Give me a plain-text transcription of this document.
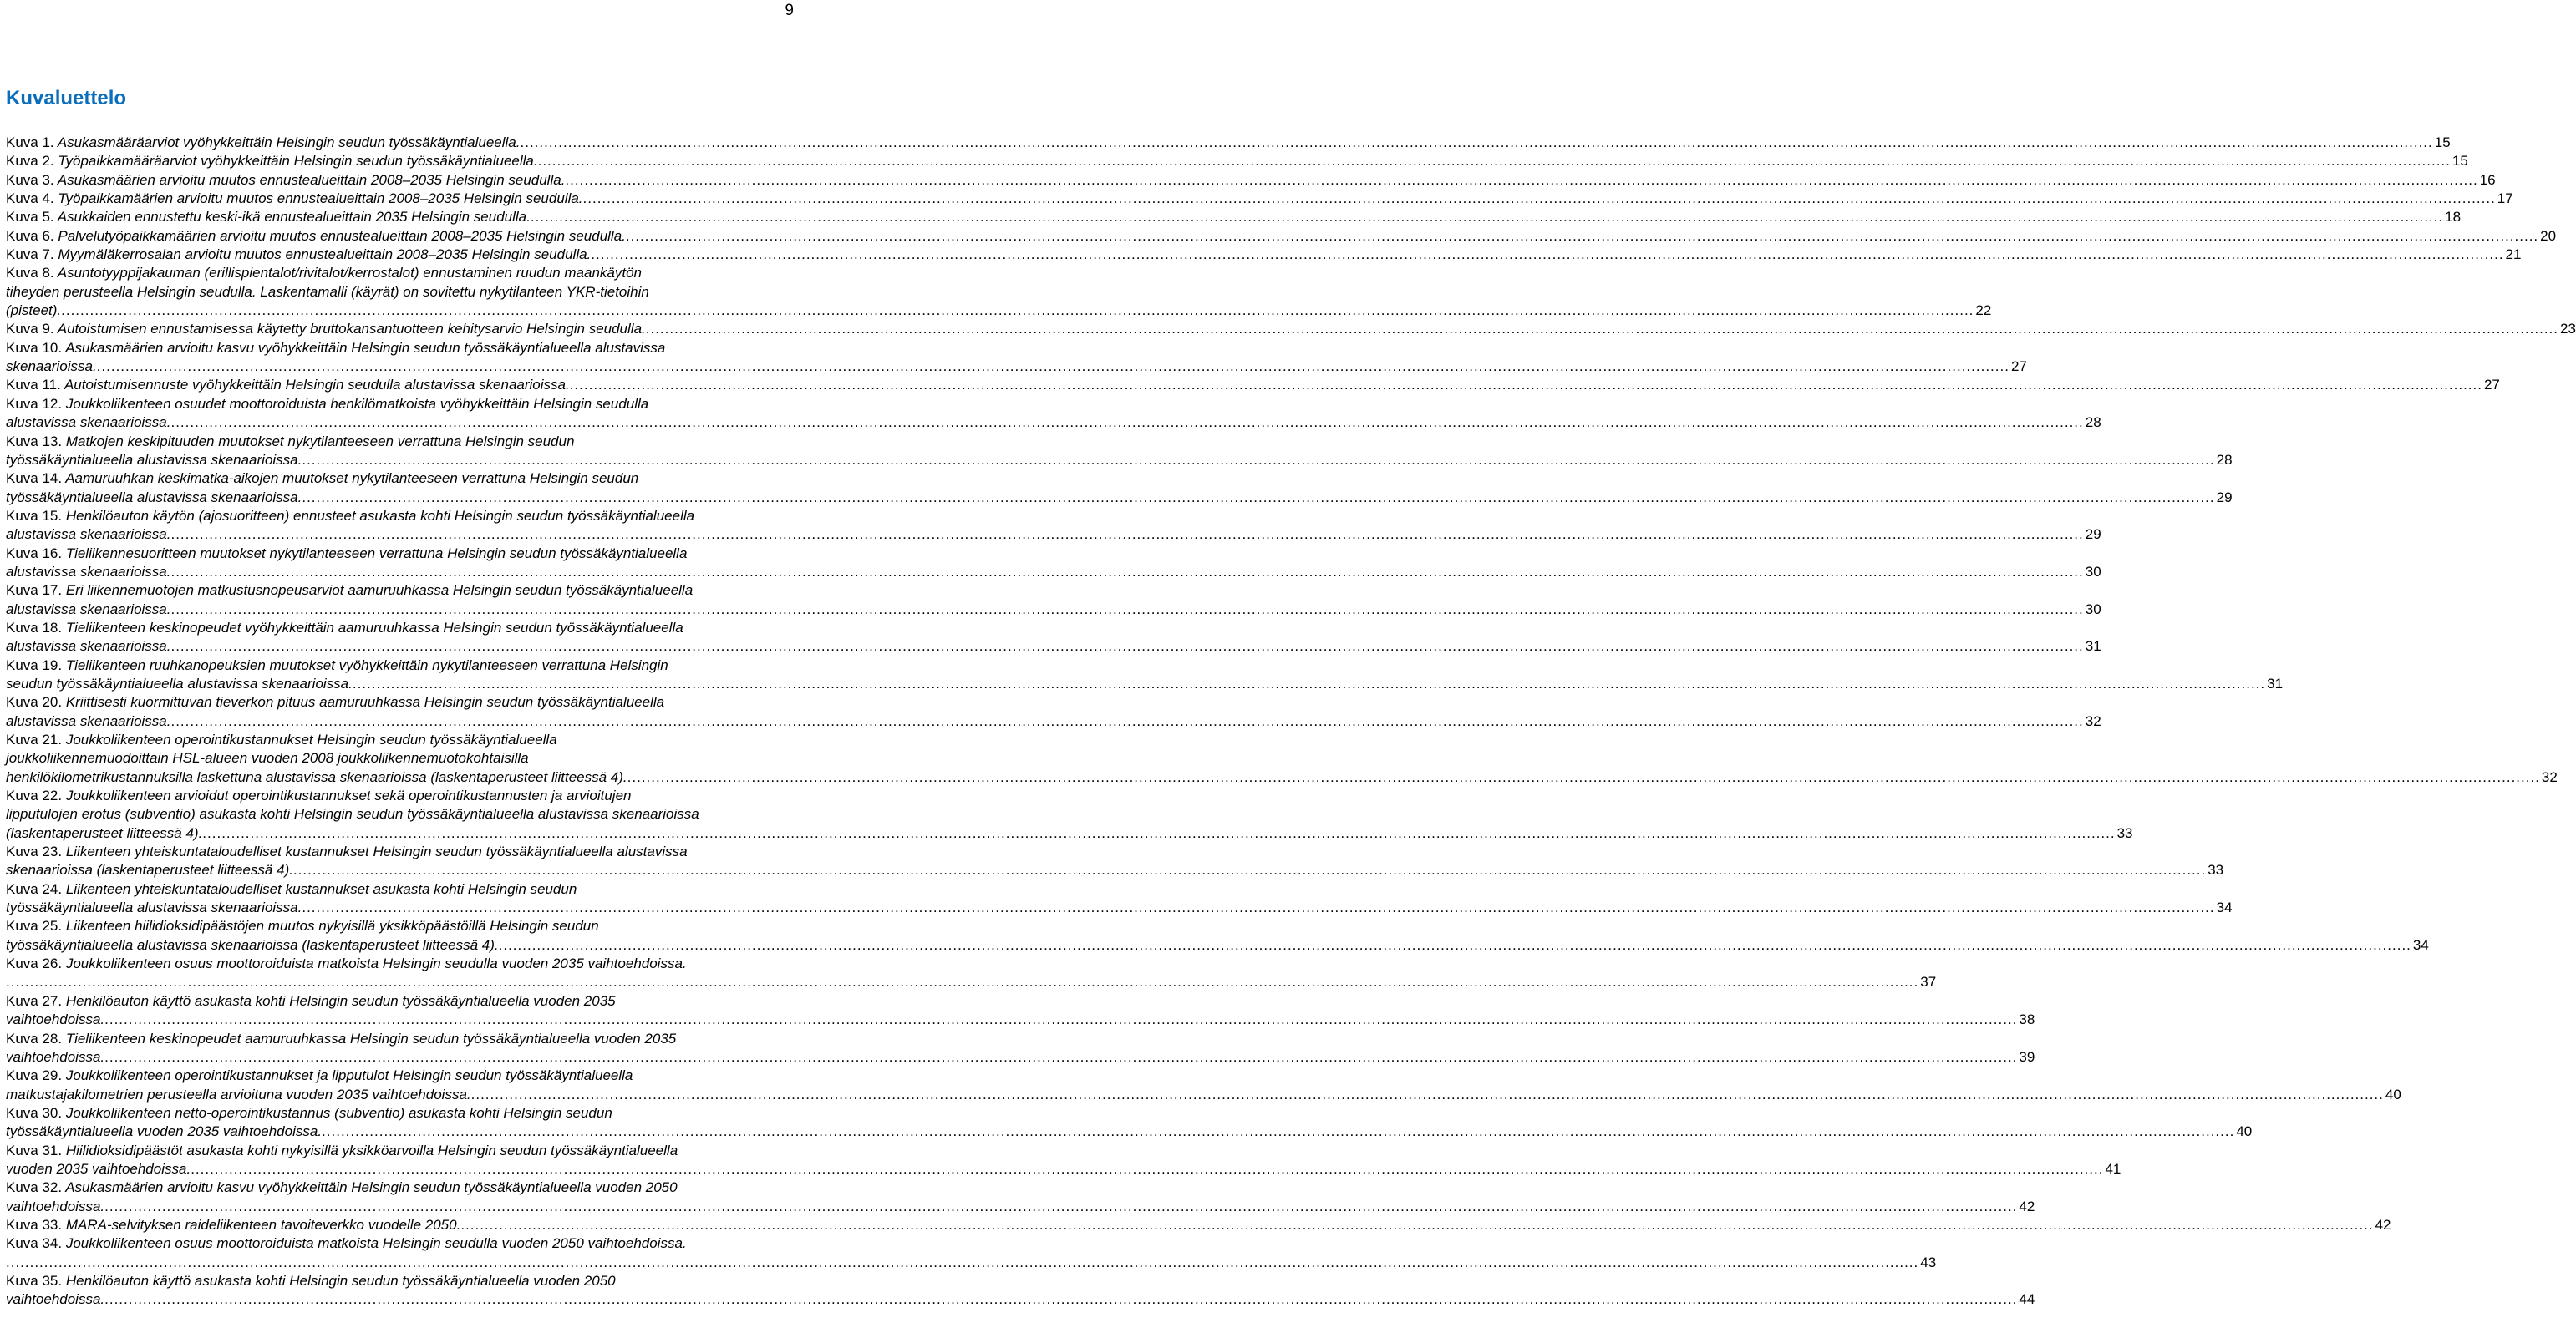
9
Kuvaluettelo
Kuva 1. Asukasmääräarviot vyöhykkeittäin Helsingin seudun työssäkäyntialueella. ................................................................................................................................................................................................................................................................................................................................................................................................................ 15
Kuva 2. Työpaikkamääräarviot vyöhykkeittäin Helsingin seudun työssäkäyntialueella. ................................................................................................................................................................................................................................................................................................................................................................................................................ 15
Kuva 3. Asukasmäärien arvioitu muutos ennustealueittain 2008–2035 Helsingin seudulla. ................................................................................................................................................................................................................................................................................................................................................................................................................ 16
Kuva 4. Työpaikkamäärien arvioitu muutos ennustealueittain 2008–2035 Helsingin seudulla. ................................................................................................................................................................................................................................................................................................................................................................................................................ 17
Kuva 5. Asukkaiden ennustettu keski-ikä ennustealueittain 2035 Helsingin seudulla. ................................................................................................................................................................................................................................................................................................................................................................................................................ 18
Kuva 6. Palvelutyöpaikkamäärien arvioitu muutos ennustealueittain 2008–2035 Helsingin seudulla. ................................................................................................................................................................................................................................................................................................................................................................................................................ 20
Kuva 7. Myymäläkerrosalan arvioitu muutos ennustealueittain 2008–2035 Helsingin seudulla. ................................................................................................................................................................................................................................................................................................................................................................................................................ 21
Kuva 8. Asuntotyyppijakauman (erillispientalot/rivitalot/kerrostalot) ennustaminen ruudun maankäytön
tiheyden perusteella Helsingin seudulla. Laskentamalli (käyrät) on sovitettu nykytilanteen YKR-tietoihin
(pisteet). ................................................................................................................................................................................................................................................................................................................................................................................................................ 22
Kuva 9. Autoistumisen ennustamisessa käytetty bruttokansantuotteen kehitysarvio Helsingin seudulla. ................................................................................................................................................................................................................................................................................................................................................................................................................ 23
Kuva 10. Asukasmäärien arvioitu kasvu vyöhykkeittäin Helsingin seudun työssäkäyntialueella alustavissa
skenaarioissa. ................................................................................................................................................................................................................................................................................................................................................................................................................ 27
Kuva 11. Autoistumisennuste vyöhykkeittäin Helsingin seudulla alustavissa skenaarioissa. ................................................................................................................................................................................................................................................................................................................................................................................................................ 27
Kuva 12. Joukkoliikenteen osuudet moottoroiduista henkilömatkoista vyöhykkeittäin Helsingin seudulla
alustavissa skenaarioissa. ................................................................................................................................................................................................................................................................................................................................................................................................................ 28
Kuva 13. Matkojen keskipituuden muutokset nykytilanteeseen verrattuna Helsingin seudun
työssäkäyntialueella alustavissa skenaarioissa. ................................................................................................................................................................................................................................................................................................................................................................................................................ 28
Kuva 14. Aamuruuhkan keskimatka-aikojen muutokset nykytilanteeseen verrattuna Helsingin seudun
työssäkäyntialueella alustavissa skenaarioissa. ................................................................................................................................................................................................................................................................................................................................................................................................................ 29
Kuva 15. Henkilöauton käytön (ajosuoritteen) ennusteet asukasta kohti Helsingin seudun työssäkäyntialueella
alustavissa skenaarioissa. ................................................................................................................................................................................................................................................................................................................................................................................................................ 29
Kuva 16. Tieliikennesuoritteen muutokset nykytilanteeseen verrattuna Helsingin seudun työssäkäyntialueella
alustavissa skenaarioissa. ................................................................................................................................................................................................................................................................................................................................................................................................................ 30
Kuva 17. Eri liikennemuotojen matkustusnopeusarviot aamuruuhkassa Helsingin seudun työssäkäyntialueella
alustavissa skenaarioissa. ................................................................................................................................................................................................................................................................................................................................................................................................................ 30
Kuva 18. Tieliikenteen keskinopeudet vyöhykkeittäin aamuruuhkassa Helsingin seudun työssäkäyntialueella
alustavissa skenaarioissa. ................................................................................................................................................................................................................................................................................................................................................................................................................ 31
Kuva 19. Tieliikenteen ruuhkanopeuksien muutokset vyöhykkeittäin nykytilanteeseen verrattuna Helsingin
seudun työssäkäyntialueella alustavissa skenaarioissa. ................................................................................................................................................................................................................................................................................................................................................................................................................ 31
Kuva 20. Kriittisesti kuormittuvan tieverkon pituus aamuruuhkassa Helsingin seudun työssäkäyntialueella
alustavissa skenaarioissa. ................................................................................................................................................................................................................................................................................................................................................................................................................ 32
Kuva 21. Joukkoliikenteen operointikustannukset Helsingin seudun työssäkäyntialueella
joukkoliikennemuodoittain HSL-alueen vuoden 2008 joukkoliikennemuotokohtaisilla
henkilökilometrikustannuksilla laskettuna alustavissa skenaarioissa (laskentaperusteet liitteessä 4). ................................................................................................................................................................................................................................................................................................................................................................................................................ 32
Kuva 22. Joukkoliikenteen arvioidut operointikustannukset sekä operointikustannusten ja arvioitujen
lipputulojen erotus (subventio) asukasta kohti Helsingin seudun työssäkäyntialueella alustavissa skenaarioissa
(laskentaperusteet liitteessä 4). ................................................................................................................................................................................................................................................................................................................................................................................................................ 33
Kuva 23. Liikenteen yhteiskuntataloudelliset kustannukset Helsingin seudun työssäkäyntialueella alustavissa
skenaarioissa (laskentaperusteet liitteessä 4). ................................................................................................................................................................................................................................................................................................................................................................................................................ 33
Kuva 24. Liikenteen yhteiskuntataloudelliset kustannukset asukasta kohti Helsingin seudun
työssäkäyntialueella alustavissa skenaarioissa. ................................................................................................................................................................................................................................................................................................................................................................................................................ 34
Kuva 25. Liikenteen hiilidioksidipäästöjen muutos nykyisillä yksikköpäästöillä Helsingin seudun
työssäkäyntialueella alustavissa skenaarioissa (laskentaperusteet liitteessä 4). ................................................................................................................................................................................................................................................................................................................................................................................................................ 34
Kuva 26. Joukkoliikenteen osuus moottoroiduista matkoista Helsingin seudulla vuoden 2035 vaihtoehdoissa.
................................................................................................................................................................................................................................................................................................................................................................................................................ 37
Kuva 27. Henkilöauton käyttö asukasta kohti Helsingin seudun työssäkäyntialueella vuoden 2035
vaihtoehdoissa. ................................................................................................................................................................................................................................................................................................................................................................................................................ 38
Kuva 28. Tieliikenteen keskinopeudet aamuruuhkassa Helsingin seudun työssäkäyntialueella vuoden 2035
vaihtoehdoissa. ................................................................................................................................................................................................................................................................................................................................................................................................................ 39
Kuva 29. Joukkoliikenteen operointikustannukset ja lipputulot Helsingin seudun työssäkäyntialueella
matkustajakilometrien perusteella arvioituna vuoden 2035 vaihtoehdoissa. ................................................................................................................................................................................................................................................................................................................................................................................................................ 40
Kuva 30. Joukkoliikenteen netto-operointikustannus (subventio) asukasta kohti Helsingin seudun
työssäkäyntialueella vuoden 2035 vaihtoehdoissa. ................................................................................................................................................................................................................................................................................................................................................................................................................ 40
Kuva 31. Hiilidioksidipäästöt asukasta kohti nykyisillä yksikköarvoilla Helsingin seudun työssäkäyntialueella
vuoden 2035 vaihtoehdoissa. ................................................................................................................................................................................................................................................................................................................................................................................................................ 41
Kuva 32. Asukasmäärien arvioitu kasvu vyöhykkeittäin Helsingin seudun työssäkäyntialueella vuoden 2050
vaihtoehdoissa. ................................................................................................................................................................................................................................................................................................................................................................................................................ 42
Kuva 33. MARA-selvityksen raideliikenteen tavoiteverkko vuodelle 2050. ................................................................................................................................................................................................................................................................................................................................................................................................................ 42
Kuva 34. Joukkoliikenteen osuus moottoroiduista matkoista Helsingin seudulla vuoden 2050 vaihtoehdoissa.
................................................................................................................................................................................................................................................................................................................................................................................................................ 43
Kuva 35. Henkilöauton käyttö asukasta kohti Helsingin seudun työssäkäyntialueella vuoden 2050
vaihtoehdoissa. ................................................................................................................................................................................................................................................................................................................................................................................................................ 44
